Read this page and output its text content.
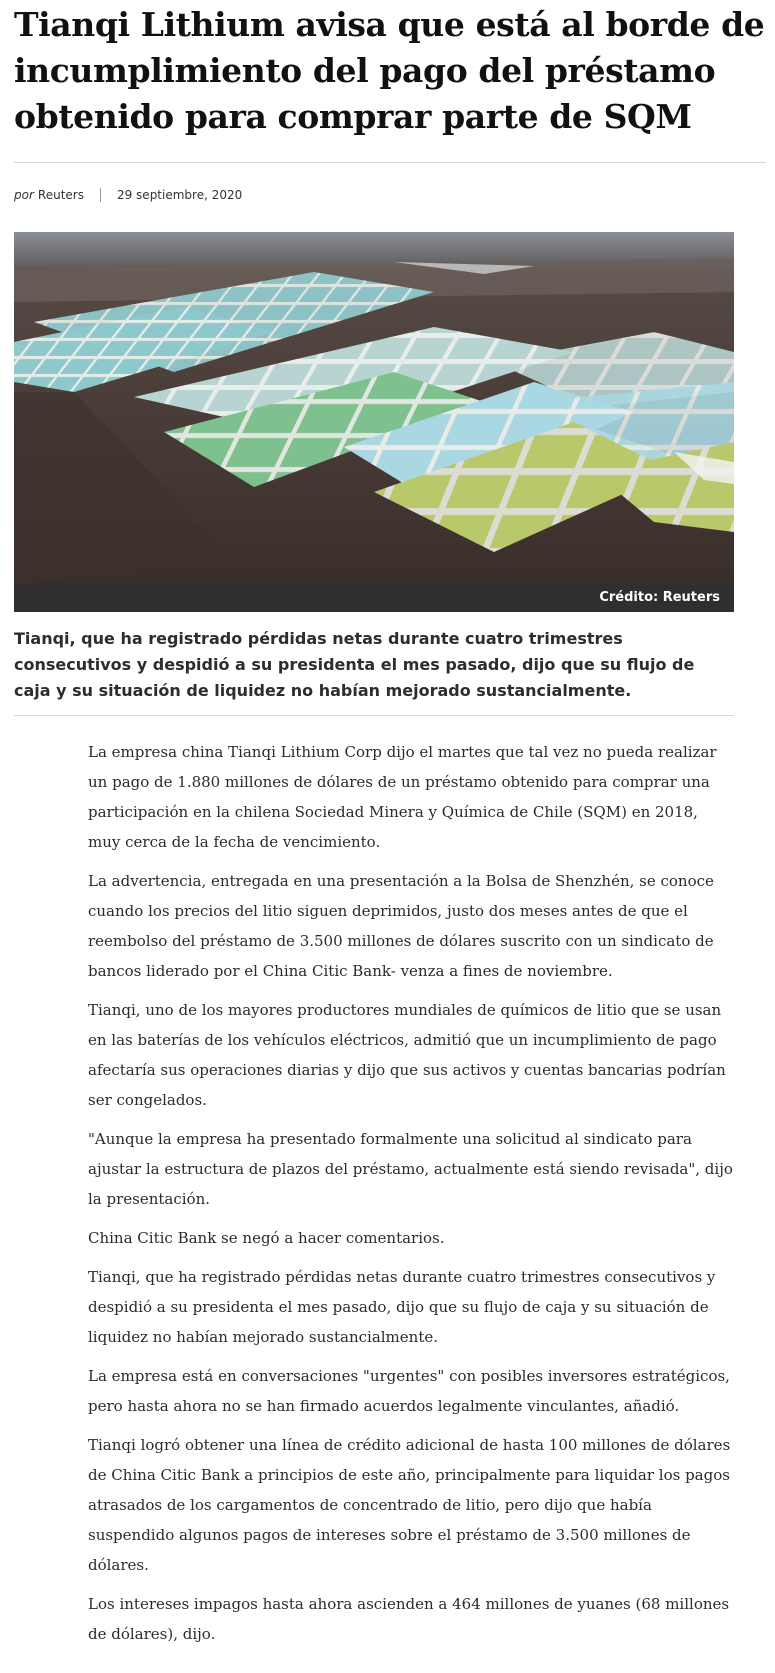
Tianqi Lithium avisa que está al borde de incumplimiento del pago del préstamo obtenido para comprar parte de SQM
por Reuters	29 septiembre, 2020
Crédito: Reuters

Tianqi, que ha registrado pérdidas netas durante cuatro trimestres consecutivos y despidió a su presidenta el mes pasado, dijo que su flujo de caja y su situación de liquidez no habían mejorado sustancialmente.

La empresa china Tianqi Lithium Corp dijo el martes que tal vez no pueda realizar un pago de 1.880 millones de dólares de un préstamo obtenido para comprar una participación en la chilena Sociedad Minera y Química de Chile (SQM) en 2018, muy cerca de la fecha de vencimiento.

La advertencia, entregada en una presentación a la Bolsa de Shenzhén, se conoce cuando los precios del litio siguen deprimidos, justo dos meses antes de que el reembolso del préstamo de 3.500 millones de dólares suscrito con un sindicato de bancos liderado por el China Citic Bank- venza a fines de noviembre.

Tianqi, uno de los mayores productores mundiales de químicos de litio que se usan en las baterías de los vehículos eléctricos, admitió que un incumplimiento de pago afectaría sus operaciones diarias y dijo que sus activos y cuentas bancarias podrían ser congelados.

"Aunque la empresa ha presentado formalmente una solicitud al sindicato para ajustar la estructura de plazos del préstamo, actualmente está siendo revisada", dijo la presentación.

China Citic Bank se negó a hacer comentarios.

Tianqi, que ha registrado pérdidas netas durante cuatro trimestres consecutivos y despidió a su presidenta el mes pasado, dijo que su flujo de caja y su situación de liquidez no habían mejorado sustancialmente.

La empresa está en conversaciones "urgentes" con posibles inversores estratégicos, pero hasta ahora no se han firmado acuerdos legalmente vinculantes, añadió.

Tianqi logró obtener una línea de crédito adicional de hasta 100 millones de dólares de China Citic Bank a principios de este año, principalmente para liquidar los pagos atrasados de los cargamentos de concentrado de litio, pero dijo que había suspendido algunos pagos de intereses sobre el préstamo de 3.500 millones de dólares.

Los intereses impagos hasta ahora ascienden a 464 millones de yuanes (68 millones de dólares), dijo.
